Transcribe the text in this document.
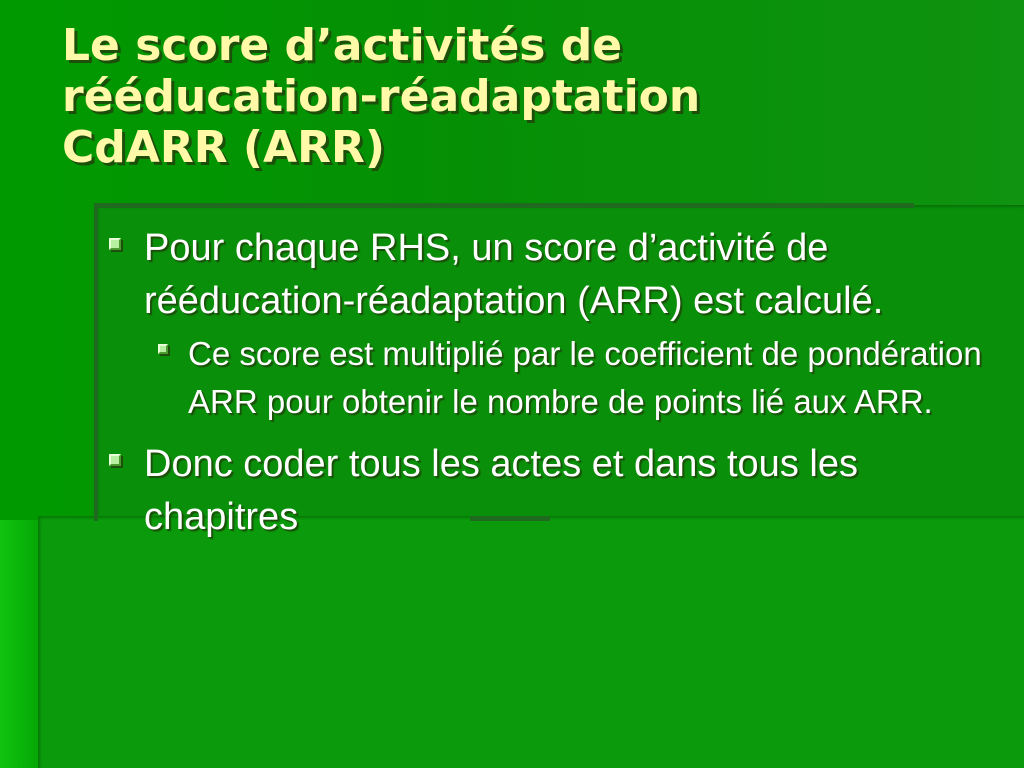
Le score d’activités de
rééducation-réadaptation
CdARR (ARR)
Pour chaque RHS, un score d’activité de rééducation-réadaptation (ARR) est calculé.
Ce score est multiplié par le coefficient de pondération ARR pour obtenir le nombre de points lié aux ARR.
Donc coder tous les actes et dans tous les chapitres
